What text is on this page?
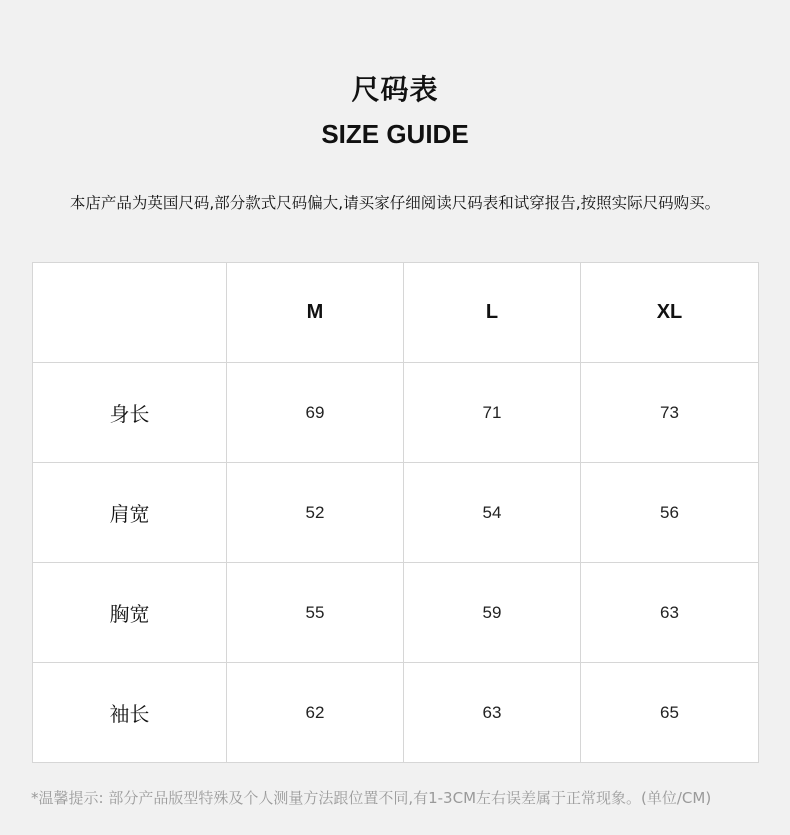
尺码表
SIZE GUIDE
本店产品为英国尺码,部分款式尺码偏大,请买家仔细阅读尺码表和试穿报告,按照实际尺码购买。
	M	L	XL
身长	69	71	73
肩宽	52	54	56
胸宽	55	59	63
袖长	62	63	65
*温馨提示: 部分产品版型特殊及个人测量方法跟位置不同,有1-3CM左右误差属于正常现象。(单位/CM)
